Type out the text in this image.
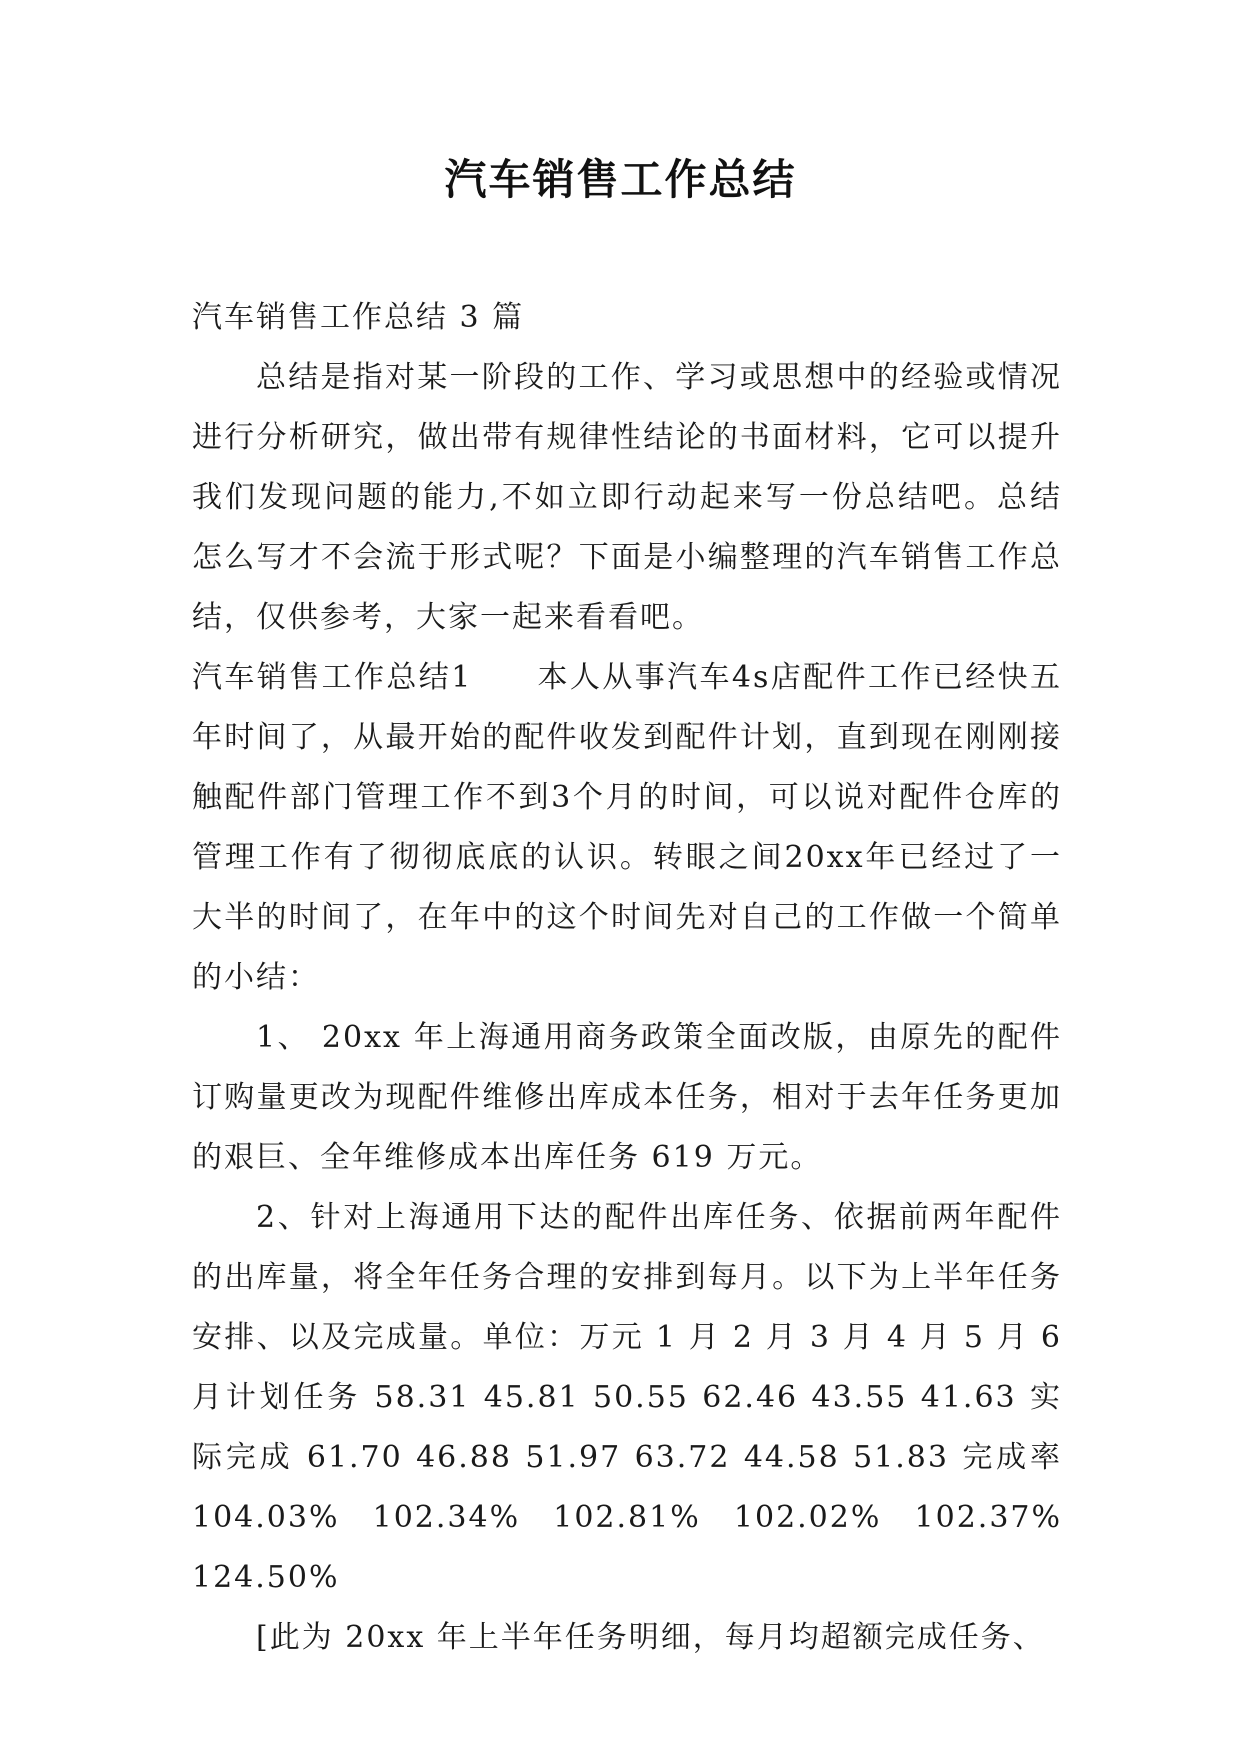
汽车销售工作总结

汽车销售工作总结 3 篇

总结是指对某一阶段的工作、学习或思想中的经验或情况进行分析研究，做出带有规律性结论的书面材料，它可以提升我们发现问题的能力,不如立即行动起来写一份总结吧。总结怎么写才不会流于形式呢？下面是小编整理的汽车销售工作总结，仅供参考，大家一起来看看吧。

汽车销售工作总结1　　本人从事汽车4s店配件工作已经快五年时间了，从最开始的配件收发到配件计划，直到现在刚刚接触配件部门管理工作不到3个月的时间，可以说对配件仓库的管理工作有了彻彻底底的认识。转眼之间20xx年已经过了一大半的时间了，在年中的这个时间先对自己的工作做一个简单的小结：

1、 20xx 年上海通用商务政策全面改版，由原先的配件订购量更改为现配件维修出库成本任务，相对于去年任务更加的艰巨、全年维修成本出库任务 619 万元。

2、针对上海通用下达的配件出库任务、依据前两年配件的出库量，将全年任务合理的安排到每月。以下为上半年任务安排、以及完成量。单位：万元 1 月 2 月 3 月 4 月 5 月 6 月计划任务 58.31 45.81 50.55 62.46 43.55 41.63 实际完成 61.70 46.88 51.97 63.72 44.58 51.83 完成率 104.03% 102.34% 102.81% 102.02% 102.37% 124.50%

[此为 20xx 年上半年任务明细，每月均超额完成任务、
